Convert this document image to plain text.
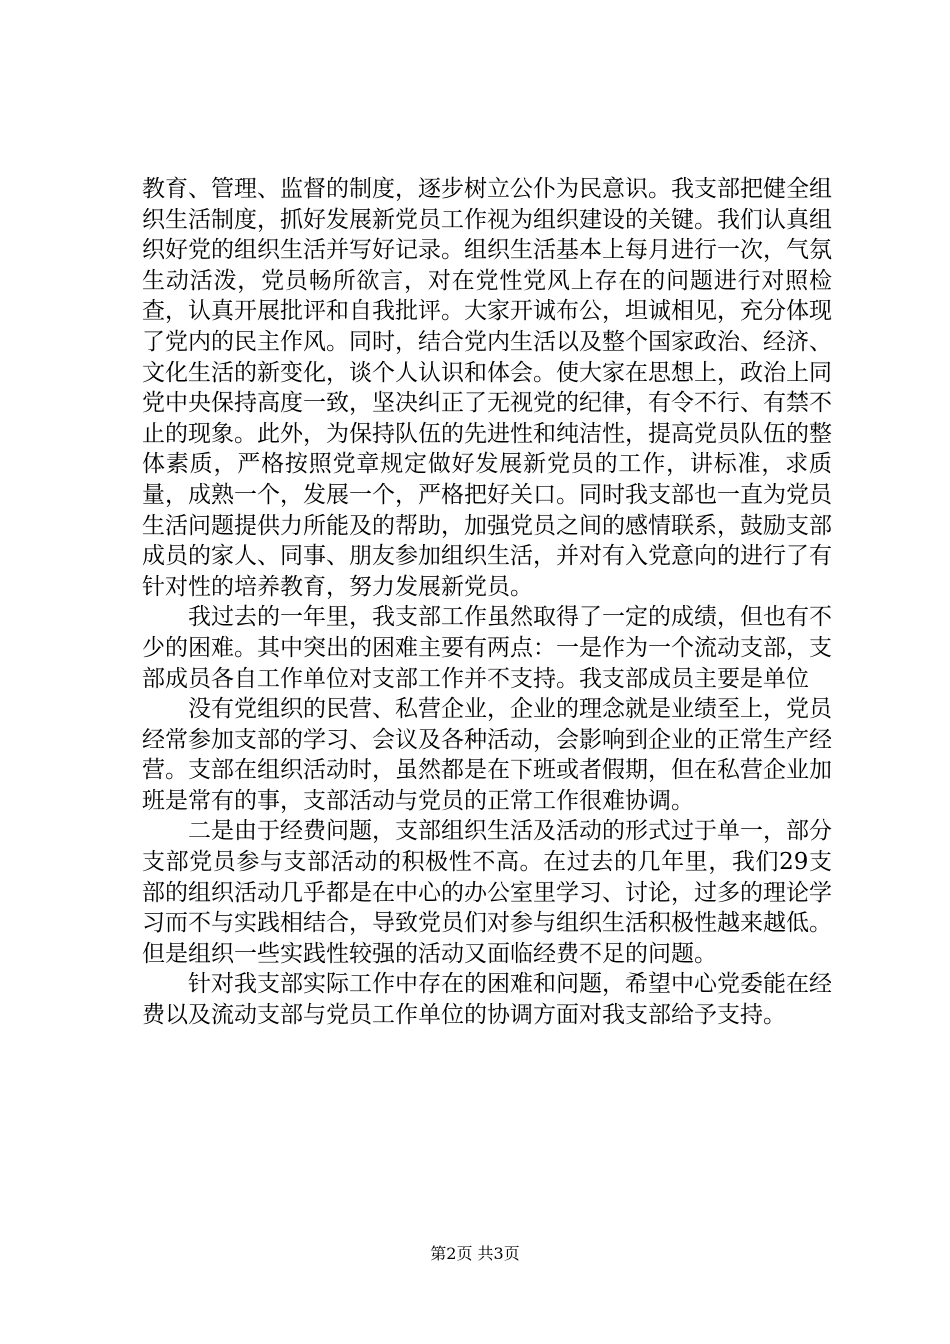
教育、管理、监督的制度，逐步树立公仆为民意识。我支部把健全组织生活制度，抓好发展新党员工作视为组织建设的关键。我们认真组织好党的组织生活并写好记录。组织生活基本上每月进行一次，气氛生动活泼，党员畅所欲言，对在党性党风上存在的问题进行对照检查，认真开展批评和自我批评。大家开诚布公，坦诚相见，充分体现了党内的民主作风。同时，结合党内生活以及整个国家政治、经济、文化生活的新变化，谈个人认识和体会。使大家在思想上，政治上同党中央保持高度一致，坚决纠正了无视党的纪律，有令不行、有禁不止的现象。此外，为保持队伍的先进性和纯洁性，提高党员队伍的整体素质，严格按照党章规定做好发展新党员的工作，讲标准，求质量，成熟一个，发展一个，严格把好关口。同时我支部也一直为党员生活问题提供力所能及的帮助，加强党员之间的感情联系，鼓励支部成员的家人、同事、朋友参加组织生活，并对有入党意向的进行了有针对性的培养教育，努力发展新党员。

我过去的一年里，我支部工作虽然取得了一定的成绩，但也有不少的困难。其中突出的困难主要有两点：一是作为一个流动支部，支部成员各自工作单位对支部工作并不支持。我支部成员主要是单位

没有党组织的民营、私营企业，企业的理念就是业绩至上，党员经常参加支部的学习、会议及各种活动，会影响到企业的正常生产经营。支部在组织活动时，虽然都是在下班或者假期，但在私营企业加班是常有的事，支部活动与党员的正常工作很难协调。

二是由于经费问题，支部组织生活及活动的形式过于单一，部分支部党员参与支部活动的积极性不高。在过去的几年里，我们29支部的组织活动几乎都是在中心的办公室里学习、讨论，过多的理论学习而不与实践相结合，导致党员们对参与组织生活积极性越来越低。但是组织一些实践性较强的活动又面临经费不足的问题。

针对我支部实际工作中存在的困难和问题，希望中心党委能在经费以及流动支部与党员工作单位的协调方面对我支部给予支持。

第2页 共3页
